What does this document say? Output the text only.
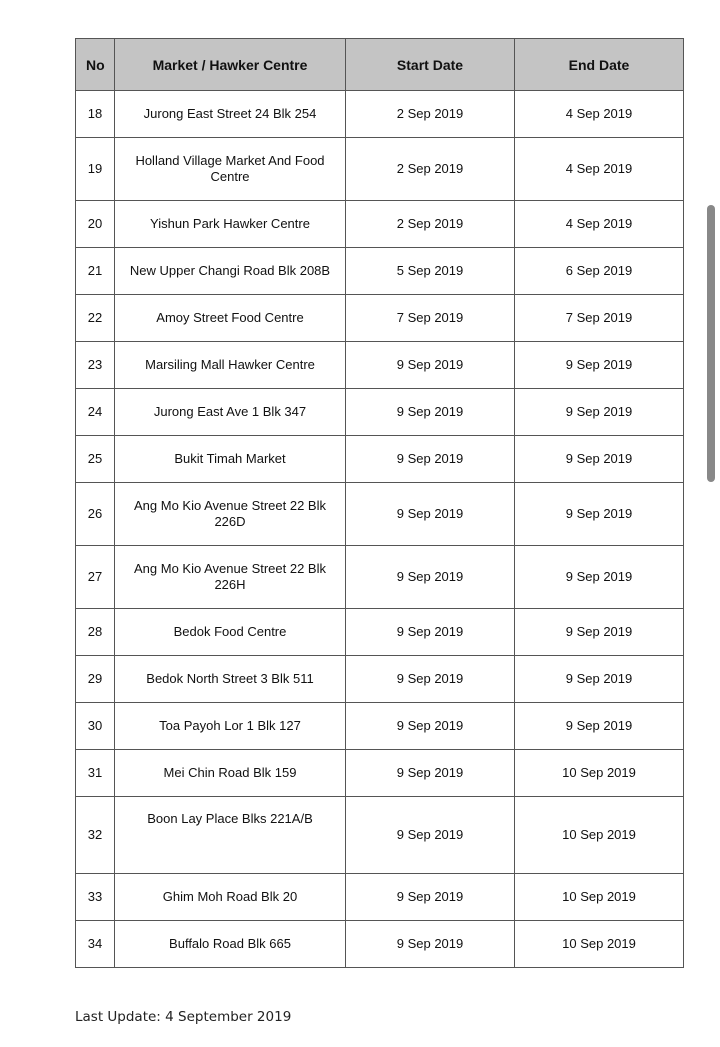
No	Market / Hawker Centre	Start Date	End Date
18	Jurong East Street 24 Blk 254	2 Sep 2019	4 Sep 2019
19	Holland Village Market And Food Centre	2 Sep 2019	4 Sep 2019
20	Yishun Park Hawker Centre	2 Sep 2019	4 Sep 2019
21	New Upper Changi Road Blk 208B	5 Sep 2019	6 Sep 2019
22	Amoy Street Food Centre	7 Sep 2019	7 Sep 2019
23	Marsiling Mall Hawker Centre	9 Sep 2019	9 Sep 2019
24	Jurong East Ave 1 Blk 347	9 Sep 2019	9 Sep 2019
25	Bukit Timah Market	9 Sep 2019	9 Sep 2019
26	Ang Mo Kio Avenue Street 22 Blk 226D	9 Sep 2019	9 Sep 2019
27	Ang Mo Kio Avenue Street 22 Blk 226H	9 Sep 2019	9 Sep 2019
28	Bedok Food Centre	9 Sep 2019	9 Sep 2019
29	Bedok North Street 3 Blk 511	9 Sep 2019	9 Sep 2019
30	Toa Payoh Lor 1 Blk 127	9 Sep 2019	9 Sep 2019
31	Mei Chin Road Blk 159	9 Sep 2019	10 Sep 2019
32	Boon Lay Place Blks 221A/B	9 Sep 2019	10 Sep 2019
33	Ghim Moh Road Blk 20	9 Sep 2019	10 Sep 2019
34	Buffalo Road Blk 665	9 Sep 2019	10 Sep 2019
Last Update: 4 September 2019
